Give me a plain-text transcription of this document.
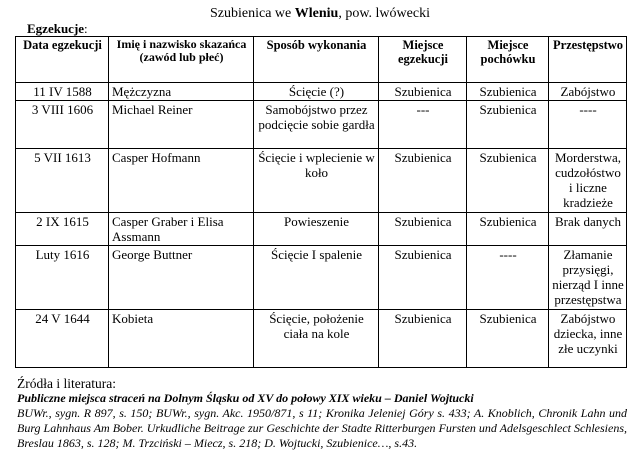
Szubienica we Wleniu, pow. lwówecki
Egzekucje:
Data egzekucji	Imię i nazwisko skazańca (zawód lub płeć)	Sposób wykonania	Miejsce egzekucji	Miejsce pochówku	Przestępstwo
11 IV 1588	Mężczyzna	Ścięcie (?)	Szubienica	Szubienica	Zabójstwo
3 VIII 1606	Michael Reiner	Samobójstwo przez podcięcie sobie gardła	---	Szubienica	----
5 VII 1613	Casper Hofmann	Ścięcie i wplecienie w koło	Szubienica	Szubienica	Morderstwa, cudzołóstwo i liczne kradzieże
2 IX 1615	Casper Graber i Elisa Assmann	Powieszenie	Szubienica	Szubienica	Brak danych
Luty 1616	George Buttner	Ścięcie I spalenie	Szubienica	----	Złamanie przysięgi, nierząd I inne przestępstwa
24 V 1644	Kobieta	Ścięcie, położenie ciała na kole	Szubienica	Szubienica	Zabójstwo dziecka, inne złe uczynki
Źródła i literatura:
Publiczne miejsca straceń na Dolnym Śląsku od XV do połowy XIX wieku – Daniel Wojtucki
BUWr., sygn. R 897, s. 150; BUWr., sygn. Akc. 1950/871, s 11; Kronika Jeleniej Góry s. 433; A. Knoblich, Chronik Lahn und Burg Lahnhaus Am Bober. Urkudliche Beitrage zur Geschichte der Stadte Ritterburgen Fursten und Adelsgeschlect Schlesiens, Breslau 1863, s. 128; M. Trzciński – Miecz, s. 218; D. Wojtucki, Szubienice…, s.43.
